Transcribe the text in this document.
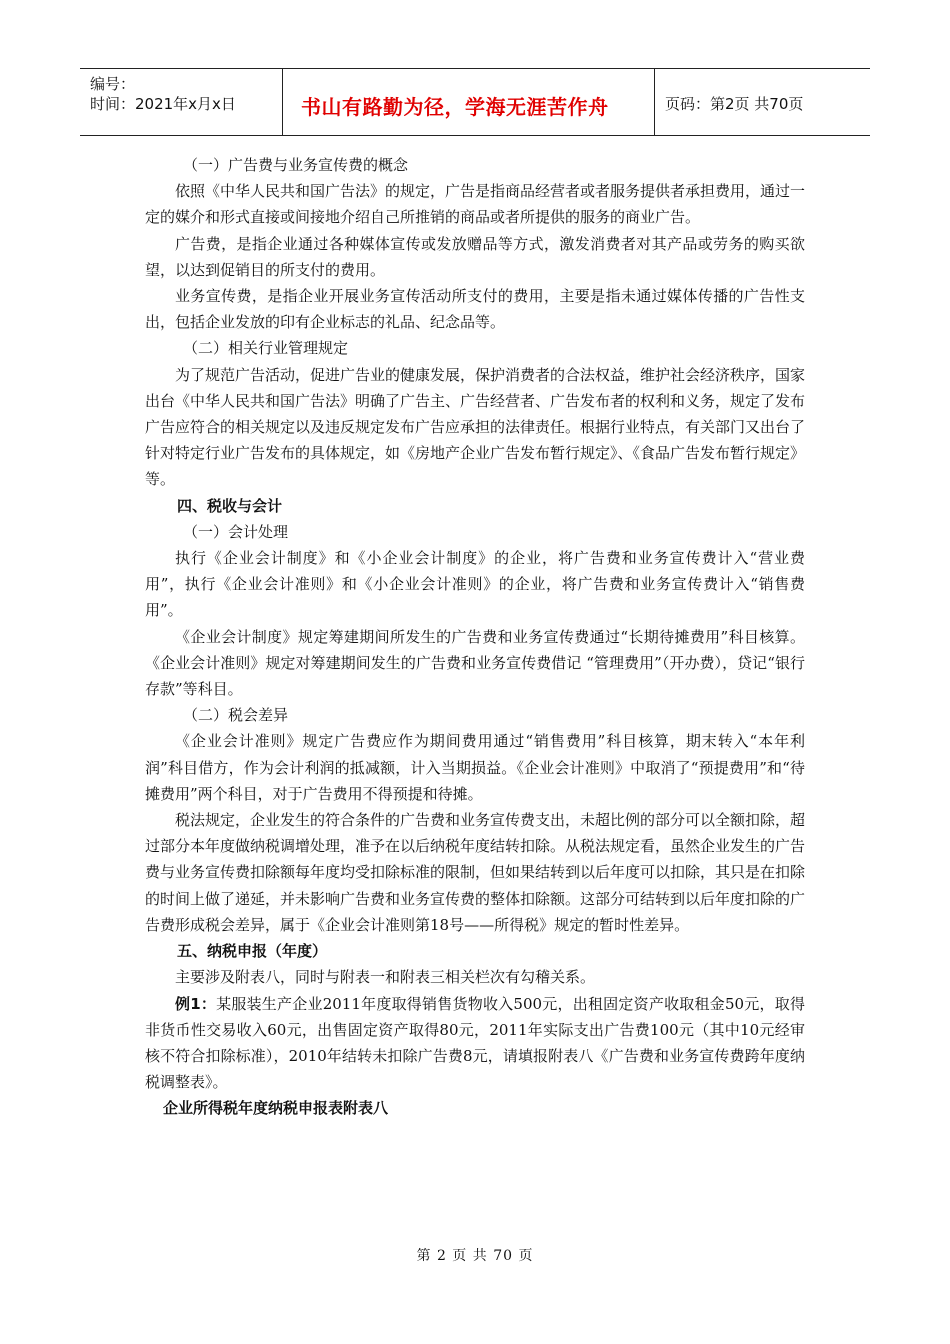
编号：
时间：2021年x月x日	书山有路勤为径，学海无涯苦作舟	页码：第2页 共70页

（一）广告费与业务宣传费的概念

依照《中华人民共和国广告法》的规定，广告是指商品经营者或者服务提供者承担费用，通过一定的媒介和形式直接或间接地介绍自己所推销的商品或者所提供的服务的商业广告。

广告费，是指企业通过各种媒体宣传或发放赠品等方式，激发消费者对其产品或劳务的购买欲望，以达到促销目的所支付的费用。

业务宣传费，是指企业开展业务宣传活动所支付的费用，主要是指未通过媒体传播的广告性支出，包括企业发放的印有企业标志的礼品、纪念品等。

（二）相关行业管理规定

为了规范广告活动，促进广告业的健康发展，保护消费者的合法权益，维护社会经济秩序，国家出台《中华人民共和国广告法》明确了广告主、广告经营者、广告发布者的权利和义务，规定了发布广告应符合的相关规定以及违反规定发布广告应承担的法律责任。根据行业特点，有关部门又出台了针对特定行业广告发布的具体规定，如《房地产企业广告发布暂行规定》、《食品广告发布暂行规定》等。

四、税收与会计

（一）会计处理

执行《企业会计制度》和《小企业会计制度》的企业，将广告费和业务宣传费计入“营业费用”，执行《企业会计准则》和《小企业会计准则》的企业，将广告费和业务宣传费计入“销售费用”。

《企业会计制度》规定筹建期间所发生的广告费和业务宣传费通过“长期待摊费用”科目核算。《企业会计准则》规定对筹建期间发生的广告费和业务宣传费借记 “管理费用”（开办费），贷记“银行存款”等科目。

（二）税会差异

《企业会计准则》规定广告费应作为期间费用通过“销售费用”科目核算，期末转入“本年利润”科目借方，作为会计利润的抵减额，计入当期损益。《企业会计准则》中取消了“预提费用”和“待摊费用”两个科目，对于广告费用不得预提和待摊。

税法规定，企业发生的符合条件的广告费和业务宣传费支出，未超比例的部分可以全额扣除，超过部分本年度做纳税调增处理，准予在以后纳税年度结转扣除。从税法规定看，虽然企业发生的广告费与业务宣传费扣除额每年度均受扣除标准的限制，但如果结转到以后年度可以扣除，其只是在扣除的时间上做了递延，并未影响广告费和业务宣传费的整体扣除额。这部分可结转到以后年度扣除的广告费形成税会差异，属于《企业会计准则第18号——所得税》规定的暂时性差异。

五、纳税申报（年度）

主要涉及附表八，同时与附表一和附表三相关栏次有勾稽关系。

例1：某服装生产企业2011年度取得销售货物收入500元，出租固定资产收取租金50元，取得非货币性交易收入60元，出售固定资产取得80元，2011年实际支出广告费100元（其中10元经审核不符合扣除标准），2010年结转未扣除广告费8元，请填报附表八《广告费和业务宣传费跨年度纳税调整表》。

企业所得税年度纳税申报表附表八

第 2 页 共 70 页
